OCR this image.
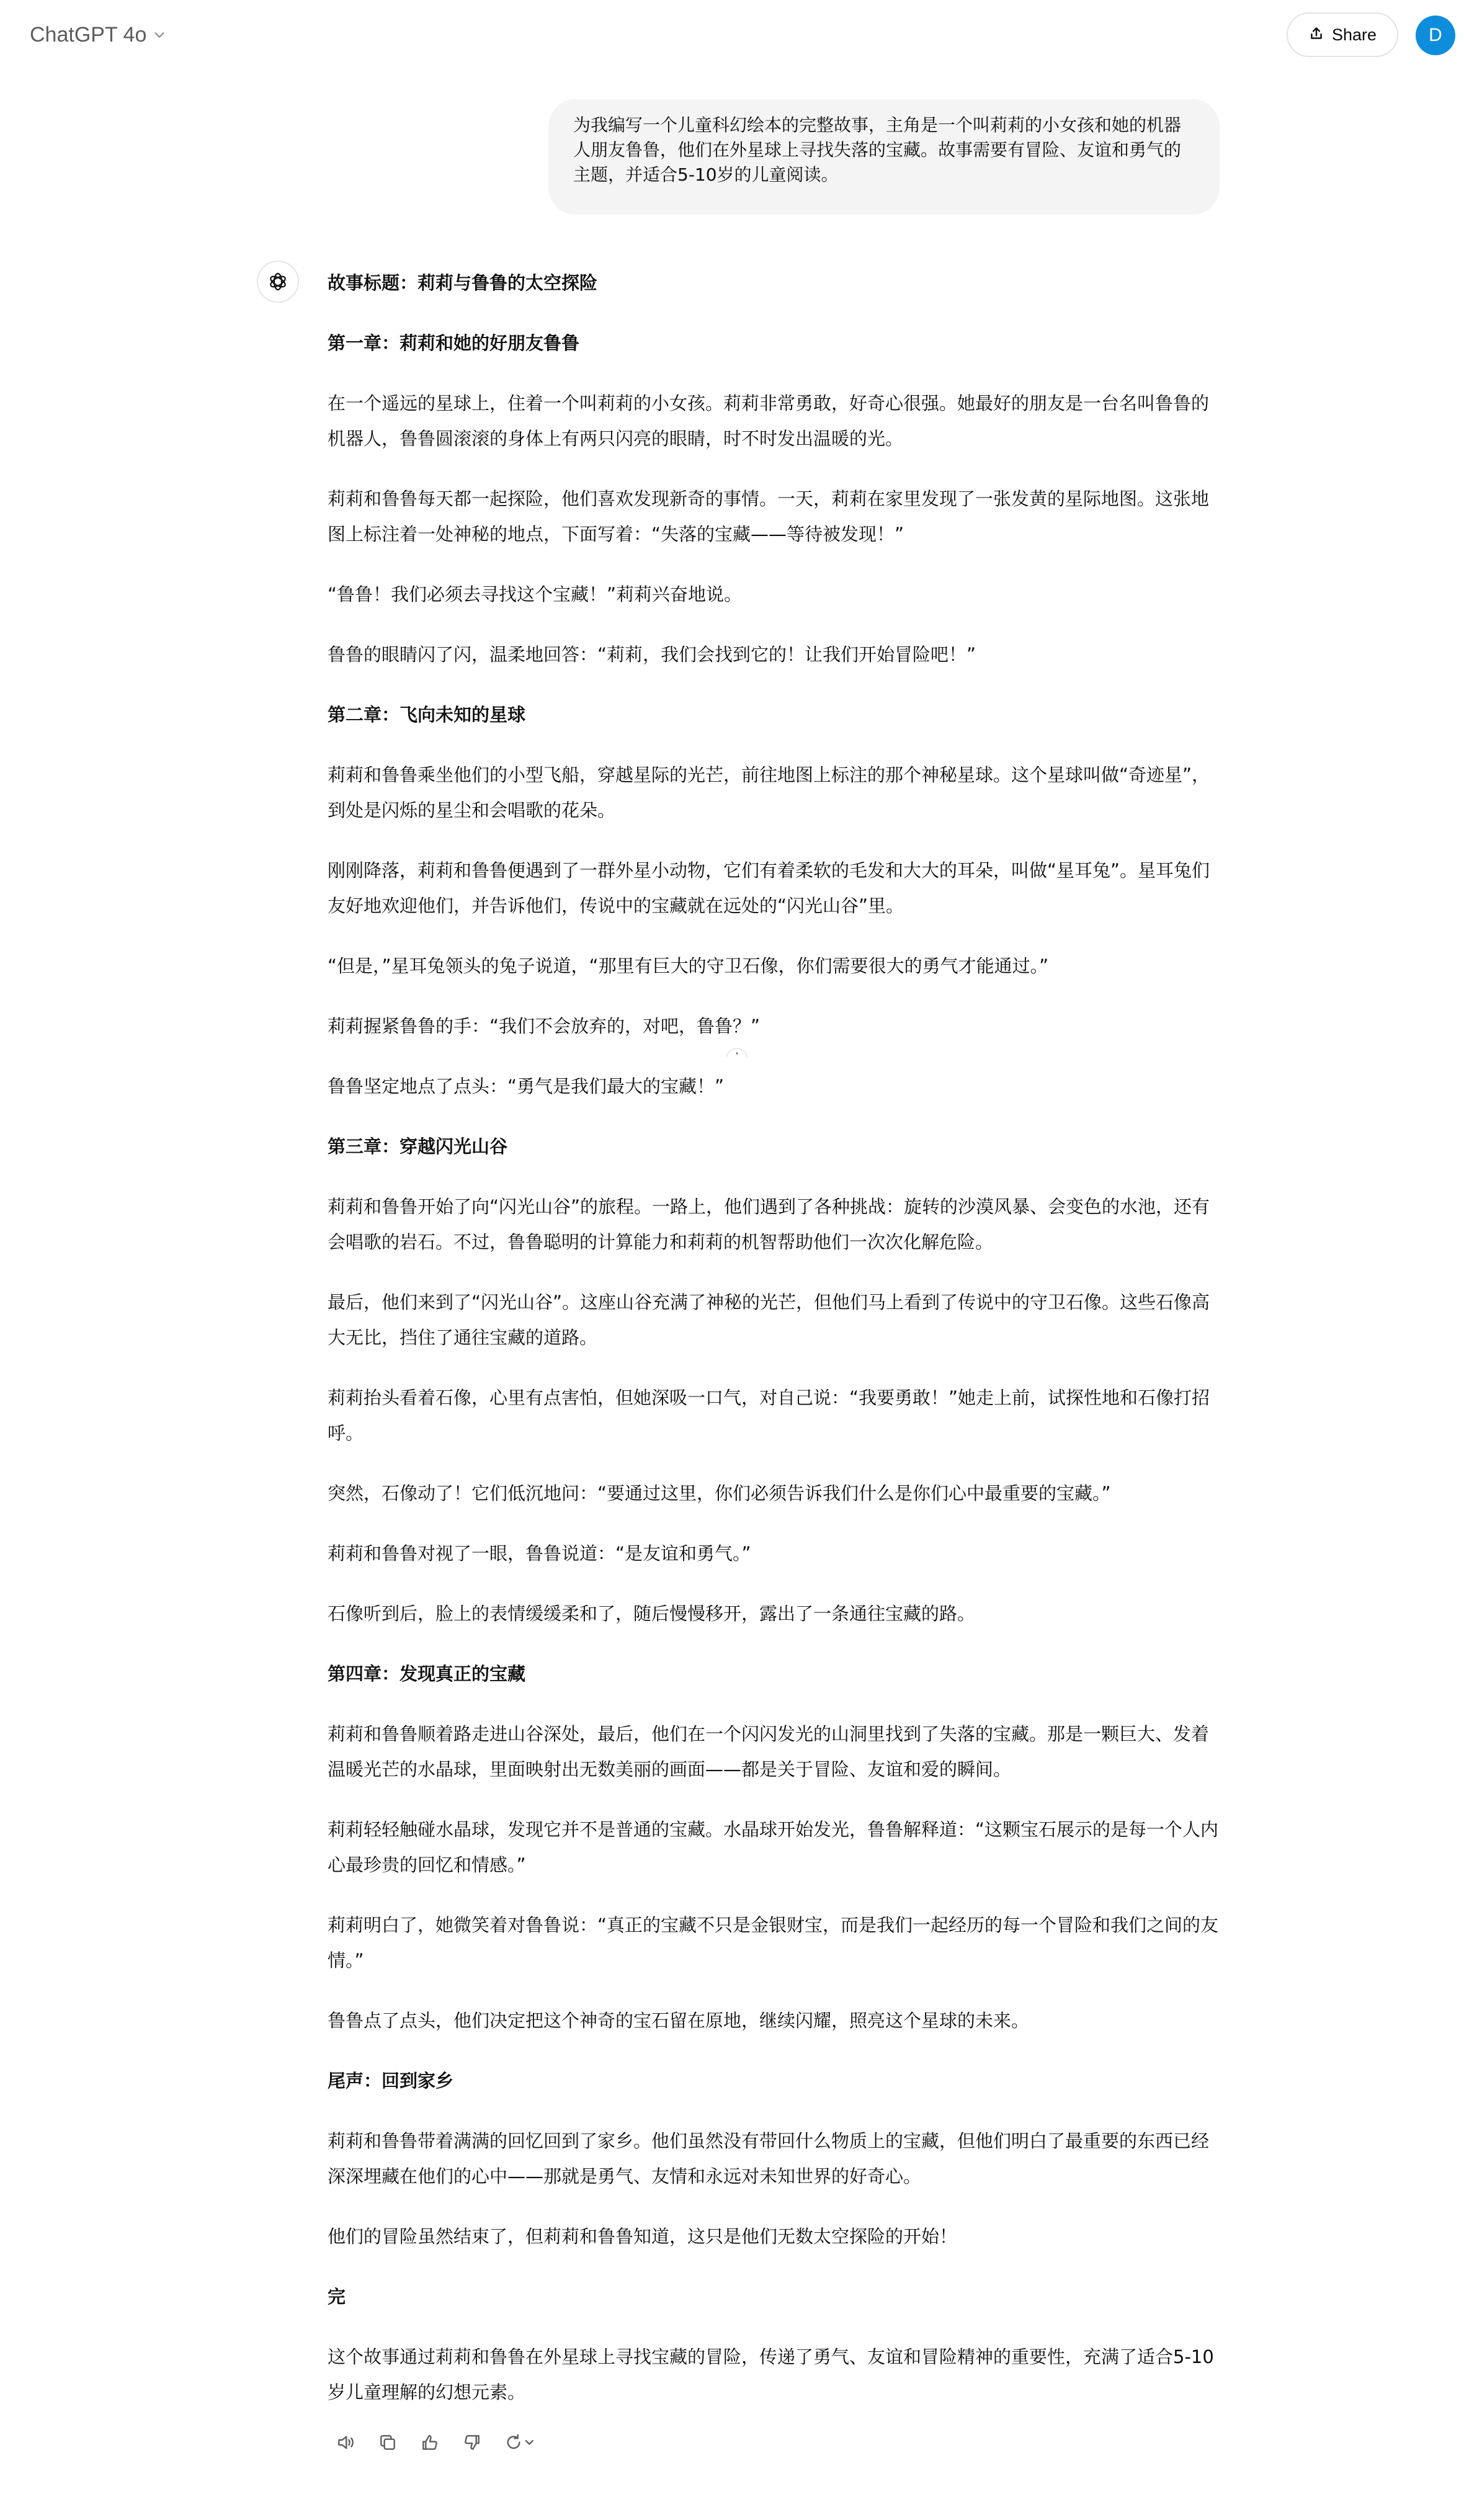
ChatGPT 4o	Share	D
为我编写一个儿童科幻绘本的完整故事，主角是一个叫莉莉的小女孩和她的机器人朋友鲁鲁，他们在外星球上寻找失落的宝藏。故事需要有冒险、友谊和勇气的主题，并适合5-10岁的儿童阅读。
故事标题：莉莉与鲁鲁的太空探险
第一章：莉莉和她的好朋友鲁鲁

在一个遥远的星球上，住着一个叫莉莉的小女孩。莉莉非常勇敢，好奇心很强。她最好的朋友是一台名叫鲁鲁的机器人，鲁鲁圆滚滚的身体上有两只闪亮的眼睛，时不时发出温暖的光。

莉莉和鲁鲁每天都一起探险，他们喜欢发现新奇的事情。一天，莉莉在家里发现了一张发黄的星际地图。这张地图上标注着一处神秘的地点，下面写着：“失落的宝藏——等待被发现！”

“鲁鲁！我们必须去寻找这个宝藏！”莉莉兴奋地说。

鲁鲁的眼睛闪了闪，温柔地回答：“莉莉，我们会找到它的！让我们开始冒险吧！”

第二章：飞向未知的星球

莉莉和鲁鲁乘坐他们的小型飞船，穿越星际的光芒，前往地图上标注的那个神秘星球。这个星球叫做“奇迹星”，到处是闪烁的星尘和会唱歌的花朵。

刚刚降落，莉莉和鲁鲁便遇到了一群外星小动物，它们有着柔软的毛发和大大的耳朵，叫做“星耳兔”。星耳兔们友好地欢迎他们，并告诉他们，传说中的宝藏就在远处的“闪光山谷”里。

“但是，”星耳兔领头的兔子说道，“那里有巨大的守卫石像，你们需要很大的勇气才能通过。”

莉莉握紧鲁鲁的手：“我们不会放弃的，对吧，鲁鲁？”

鲁鲁坚定地点了点头：“勇气是我们最大的宝藏！”

第三章：穿越闪光山谷

莉莉和鲁鲁开始了向“闪光山谷”的旅程。一路上，他们遇到了各种挑战：旋转的沙漠风暴、会变色的水池，还有会唱歌的岩石。不过，鲁鲁聪明的计算能力和莉莉的机智帮助他们一次次化解危险。

最后，他们来到了“闪光山谷”。这座山谷充满了神秘的光芒，但他们马上看到了传说中的守卫石像。这些石像高大无比，挡住了通往宝藏的道路。

莉莉抬头看着石像，心里有点害怕，但她深吸一口气，对自己说：“我要勇敢！”她走上前，试探性地和石像打招呼。

突然，石像动了！它们低沉地问：“要通过这里，你们必须告诉我们什么是你们心中最重要的宝藏。”

莉莉和鲁鲁对视了一眼，鲁鲁说道：“是友谊和勇气。”

石像听到后，脸上的表情缓缓柔和了，随后慢慢移开，露出了一条通往宝藏的路。

第四章：发现真正的宝藏

莉莉和鲁鲁顺着路走进山谷深处，最后，他们在一个闪闪发光的山洞里找到了失落的宝藏。那是一颗巨大、发着温暖光芒的水晶球，里面映射出无数美丽的画面——都是关于冒险、友谊和爱的瞬间。

莉莉轻轻触碰水晶球，发现它并不是普通的宝藏。水晶球开始发光，鲁鲁解释道：“这颗宝石展示的是每一个人内心最珍贵的回忆和情感。”

莉莉明白了，她微笑着对鲁鲁说：“真正的宝藏不只是金银财宝，而是我们一起经历的每一个冒险和我们之间的友情。”

鲁鲁点了点头，他们决定把这个神奇的宝石留在原地，继续闪耀，照亮这个星球的未来。

尾声：回到家乡

莉莉和鲁鲁带着满满的回忆回到了家乡。他们虽然没有带回什么物质上的宝藏，但他们明白了最重要的东西已经深深埋藏在他们的心中——那就是勇气、友情和永远对未知世界的好奇心。

他们的冒险虽然结束了，但莉莉和鲁鲁知道，这只是他们无数太空探险的开始！

完

这个故事通过莉莉和鲁鲁在外星球上寻找宝藏的冒险，传递了勇气、友谊和冒险精神的重要性，充满了适合5-10岁儿童理解的幻想元素。
